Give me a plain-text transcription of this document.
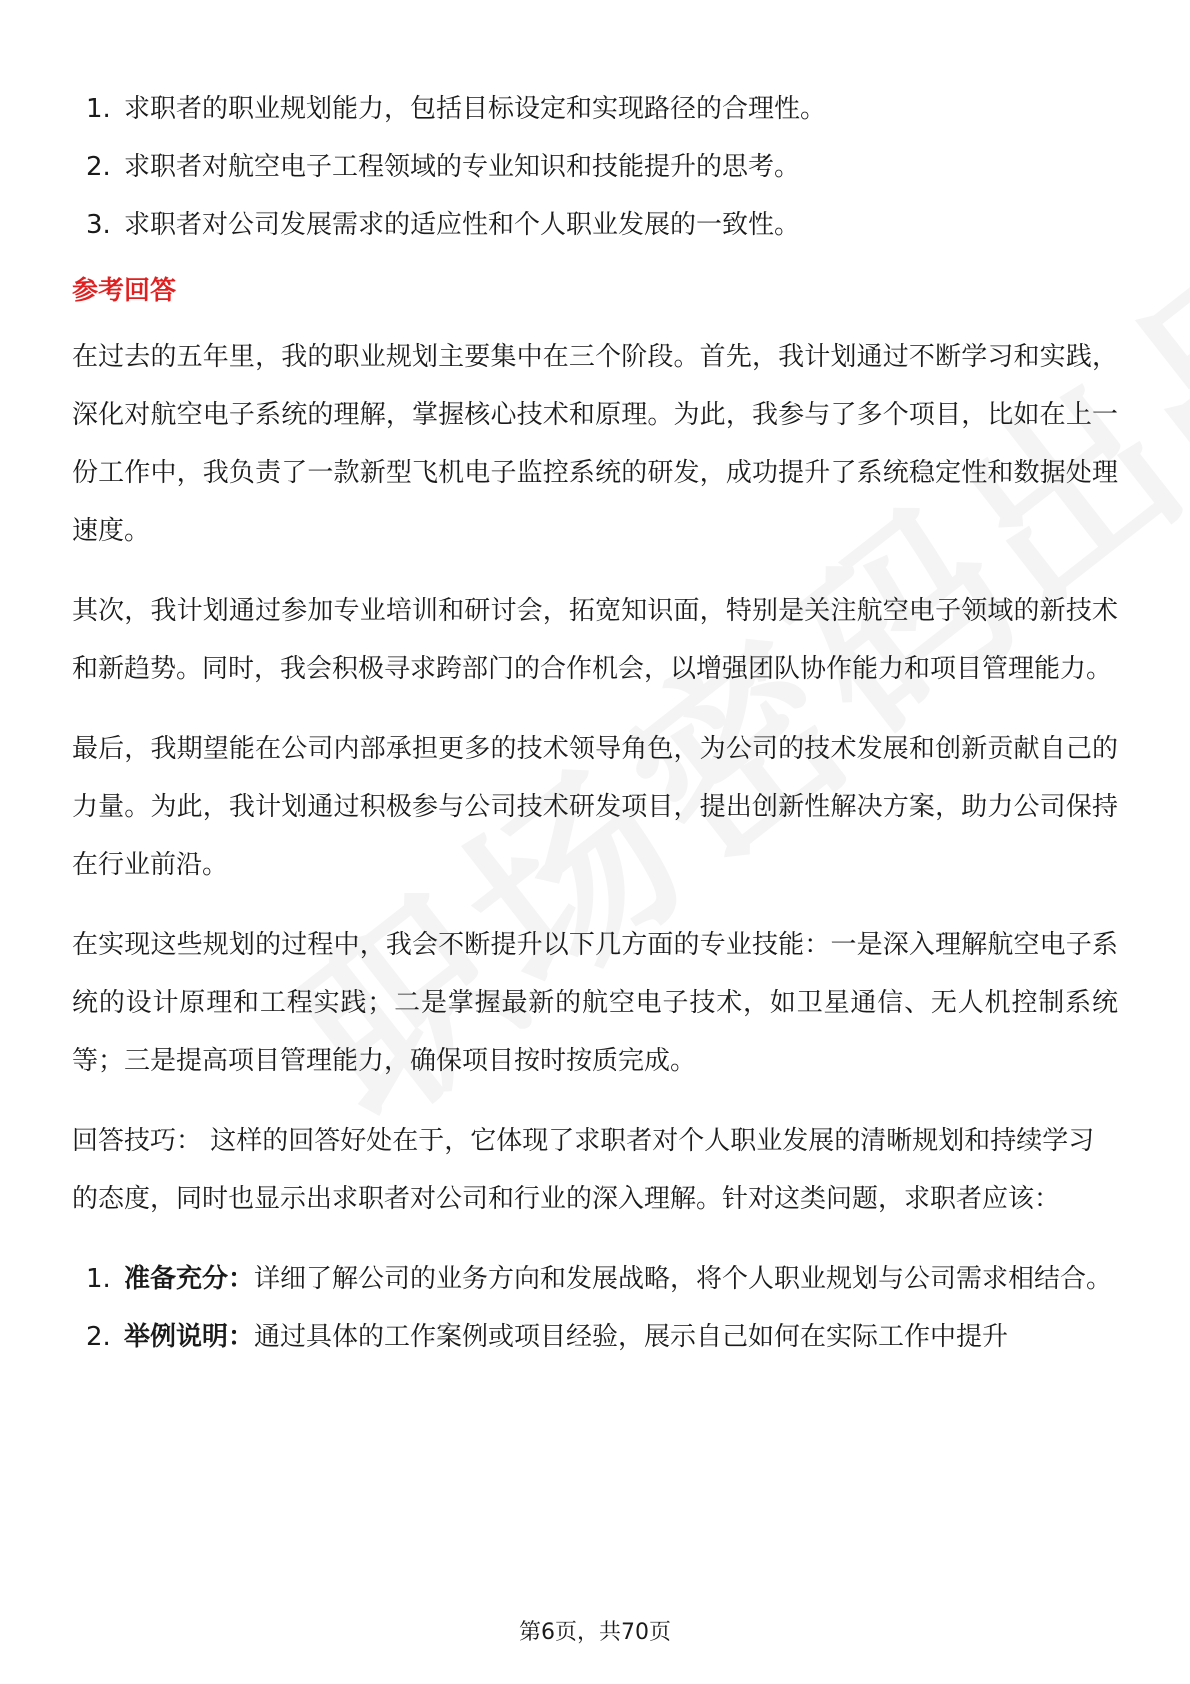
1. 求职者的职业规划能力，包括目标设定和实现路径的合理性。
2. 求职者对航空电子工程领域的专业知识和技能提升的思考。
3. 求职者对公司发展需求的适应性和个人职业发展的一致性。
参考回答

在过去的五年里，我的职业规划主要集中在三个阶段。首先，我计划通过不断学习和实践，深化对航空电子系统的理解，掌握核心技术和原理。为此，我参与了多个项目，比如在上一份工作中，我负责了一款新型飞机电子监控系统的研发，成功提升了系统稳定性和数据处理速度。

其次，我计划通过参加专业培训和研讨会，拓宽知识面，特别是关注航空电子领域的新技术和新趋势。同时，我会积极寻求跨部门的合作机会，以增强团队协作能力和项目管理能力。

最后，我期望能在公司内部承担更多的技术领导角色，为公司的技术发展和创新贡献自己的力量。为此，我计划通过积极参与公司技术研发项目，提出创新性解决方案，助力公司保持在行业前沿。

在实现这些规划的过程中，我会不断提升以下几方面的专业技能：一是深入理解航空电子系统的设计原理和工程实践；二是掌握最新的航空电子技术，如卫星通信、无人机控制系统等；三是提高项目管理能力，确保项目按时按质完成。

回答技巧： 这样的回答好处在于，它体现了求职者对个人职业发展的清晰规划和持续学习的态度，同时也显示出求职者对公司和行业的深入理解。针对这类问题，求职者应该：

1. 准备充分：详细了解公司的业务方向和发展战略，将个人职业规划与公司需求相结合。
2. 举例说明：通过具体的工作案例或项目经验，展示自己如何在实际工作中提升
第6页，共70页
